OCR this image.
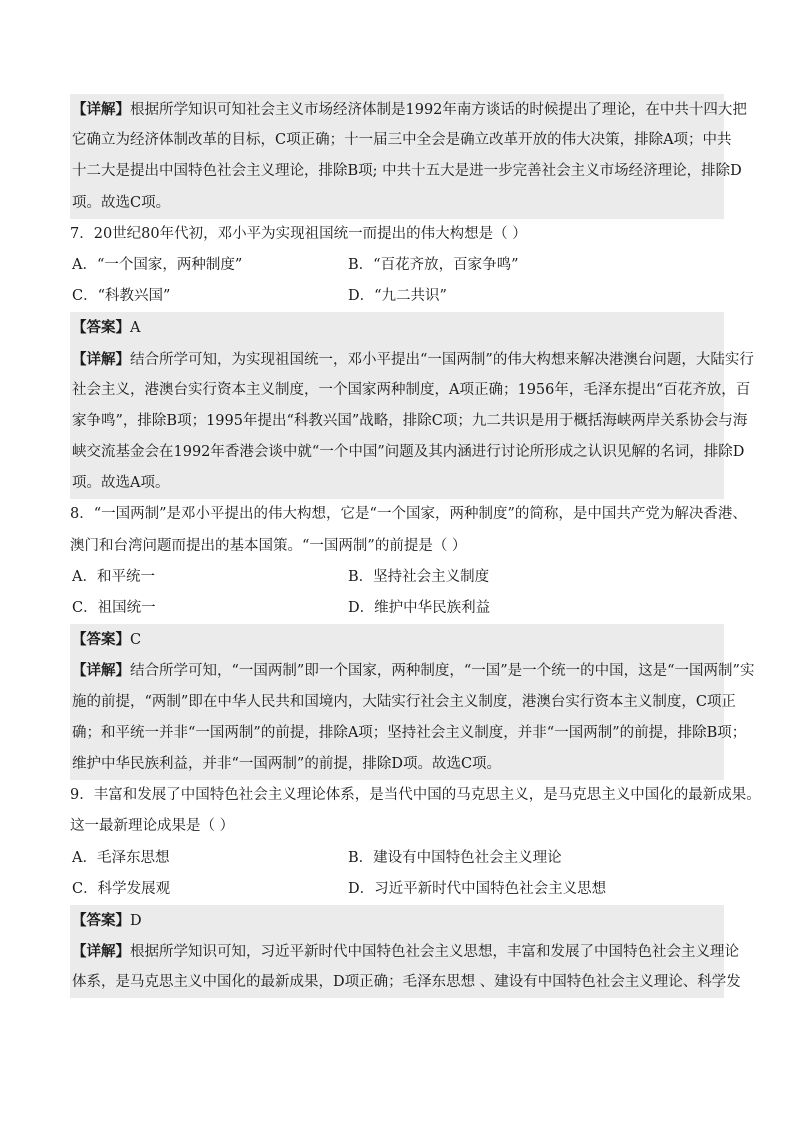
【详解】根据所学知识可知社会主义市场经济体制是1992年南方谈话的时候提出了理论，在中共十四大把
它确立为经济体制改革的目标，C项正确；十一届三中全会是确立改革开放的伟大决策，排除A项；中共
十二大是提出中国特色社会主义理论，排除B项; 中共十五大是进一步完善社会主义市场经济理论，排除D
项。故选C项。
7．20世纪80年代初，邓小平为实现祖国统一而提出的伟大构想是（ ）
A．“一个国家，两种制度”	B．“百花齐放，百家争鸣”
C．“科教兴国”	D．“九二共识”
【答案】A
【详解】结合所学可知，为实现祖国统一，邓小平提出“一国两制”的伟大构想来解决港澳台问题，大陆实行
社会主义，港澳台实行资本主义制度，一个国家两种制度，A项正确；1956年，毛泽东提出“百花齐放，百
家争鸣”，排除B项；1995年提出“科教兴国”战略，排除C项；九二共识是用于概括海峡两岸关系协会与海
峡交流基金会在1992年香港会谈中就“一个中国”问题及其内涵进行讨论所形成之认识见解的名词，排除D
项。故选A项。
8．“一国两制”是邓小平提出的伟大构想，它是“一个国家，两种制度”的简称，是中国共产党为解决香港、
澳门和台湾问题而提出的基本国策。“一国两制”的前提是（ ）
A．和平统一	B．坚持社会主义制度
C．祖国统一	D．维护中华民族利益
【答案】C
【详解】结合所学可知，“一国两制”即一个国家，两种制度，“一国”是一个统一的中国，这是“一国两制”实
施的前提，“两制”即在中华人民共和国境内，大陆实行社会主义制度，港澳台实行资本主义制度，C项正
确；和平统一并非“一国两制”的前提，排除A项；坚持社会主义制度，并非“一国两制”的前提，排除B项；
维护中华民族利益，并非“一国两制”的前提，排除D项。故选C项。
9．丰富和发展了中国特色社会主义理论体系，是当代中国的马克思主义，是马克思主义中国化的最新成果。
这一最新理论成果是（ ）
A．毛泽东思想	B．建设有中国特色社会主义理论
C．科学发展观	D．习近平新时代中国特色社会主义思想
【答案】D
【详解】根据所学知识可知，习近平新时代中国特色社会主义思想，丰富和发展了中国特色社会主义理论
体系，是马克思主义中国化的最新成果，D项正确；毛泽东思想 、建设有中国特色社会主义理论、科学发
